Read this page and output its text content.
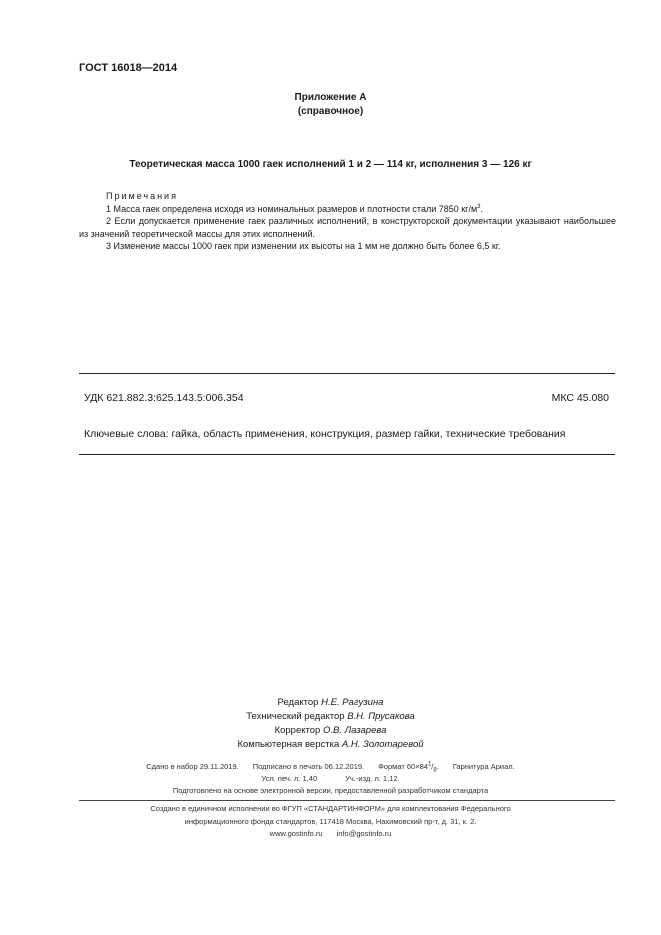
ГОСТ 16018—2014
Приложение А
(справочное)
Теоретическая масса 1000 гаек исполнений 1 и 2 — 114 кг, исполнения 3 — 126 кг
Примечания
1 Масса гаек определена исходя из номинальных размеров и плотности стали 7850 $кг/м^3$.
2 Если допускается применение гаек различных исполнений, в конструкторской документации указывают наибольшее из значений теоретической массы для этих исполнений.
3 Изменение массы 1000 гаек при изменении их высоты на 1 мм не должно быть более 6,5 кг.
УДК 621.882.3:625.143.5:006.354	МКС 45.080
Ключевые слова: гайка, область применения, конструкция, размер гайки, технические требования
Редактор Н.Е. Рагузина
Технический редактор В.Н. Прусакова
Корректор О.В. Лазарева
Компьютерная верстка А.Н. Золотаревой
Сдано в набор 29.11.2019. Подписано в печать 06.12.2019. Формат $60\times 84^1/_8$. Гарнитура Ариал.
Усл. печ. л. 1,40	Уч.-изд. л. 1,12.
Подготовлено на основе электронной версии, предоставленной разработчиком стандарта
Создано в единичном исполнении во ФГУП «СТАНДАРТИНФОРМ» для комплектования Федерального
информационного фонда стандартов, 117418 Москва, Нахимовский пр-т, д. 31, к. 2.
www.gostinfo.ru info@gostinfo.ru
